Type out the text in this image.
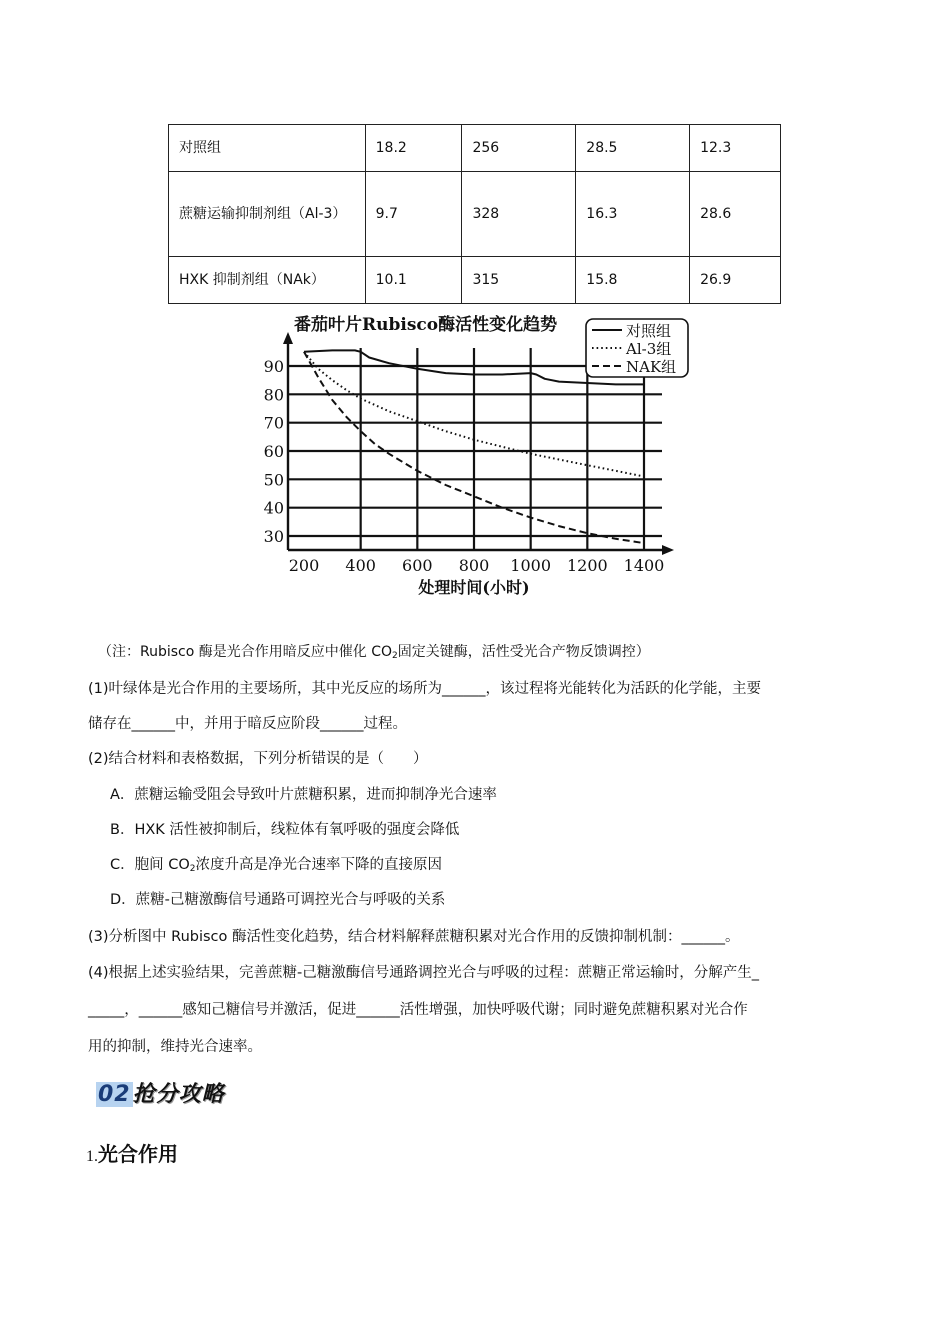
对照组	18.2	256	28.5	12.3
蔗糖运输抑制剂组（Al-3）	9.7	328	16.3	28.6
HXK 抑制剂组（NAk）	10.1	315	15.8	26.9
番茄叶片Rubisco酶活性变化趋势
90
80
70
60
50
40
30
200 400 600 800 1000 1200 1400
对照组
Al-3组
NAK组
处理时间(小时)
（注：Rubisco 酶是光合作用暗反应中催化 $CO_2$固定关键酶，活性受光合产物反馈调控）
(1)叶绿体是光合作用的主要场所，其中光反应的场所为______，该过程将光能转化为活跃的化学能，主要
储存在______中，并用于暗反应阶段______过程。
(2)结合材料和表格数据，下列分析错误的是（　　）
A．蔗糖运输受阻会导致叶片蔗糖积累，进而抑制净光合速率
B．HXK 活性被抑制后，线粒体有氧呼吸的强度会降低
C．胞间 $CO_2$浓度升高是净光合速率下降的直接原因
D．蔗糖-己糖激酶信号通路可调控光合与呼吸的关系
(3)分析图中 Rubisco 酶活性变化趋势，结合材料解释蔗糖积累对光合作用的反馈抑制机制：______。
(4)根据上述实验结果，完善蔗糖-己糖激酶信号通路调控光合与呼吸的过程：蔗糖正常运输时，分解产生_
_____，______感知己糖信号并激活，促进______活性增强，加快呼吸代谢；同时避免蔗糖积累对光合作
用的抑制，维持光合速率。
02抢分攻略
1.光合作用
